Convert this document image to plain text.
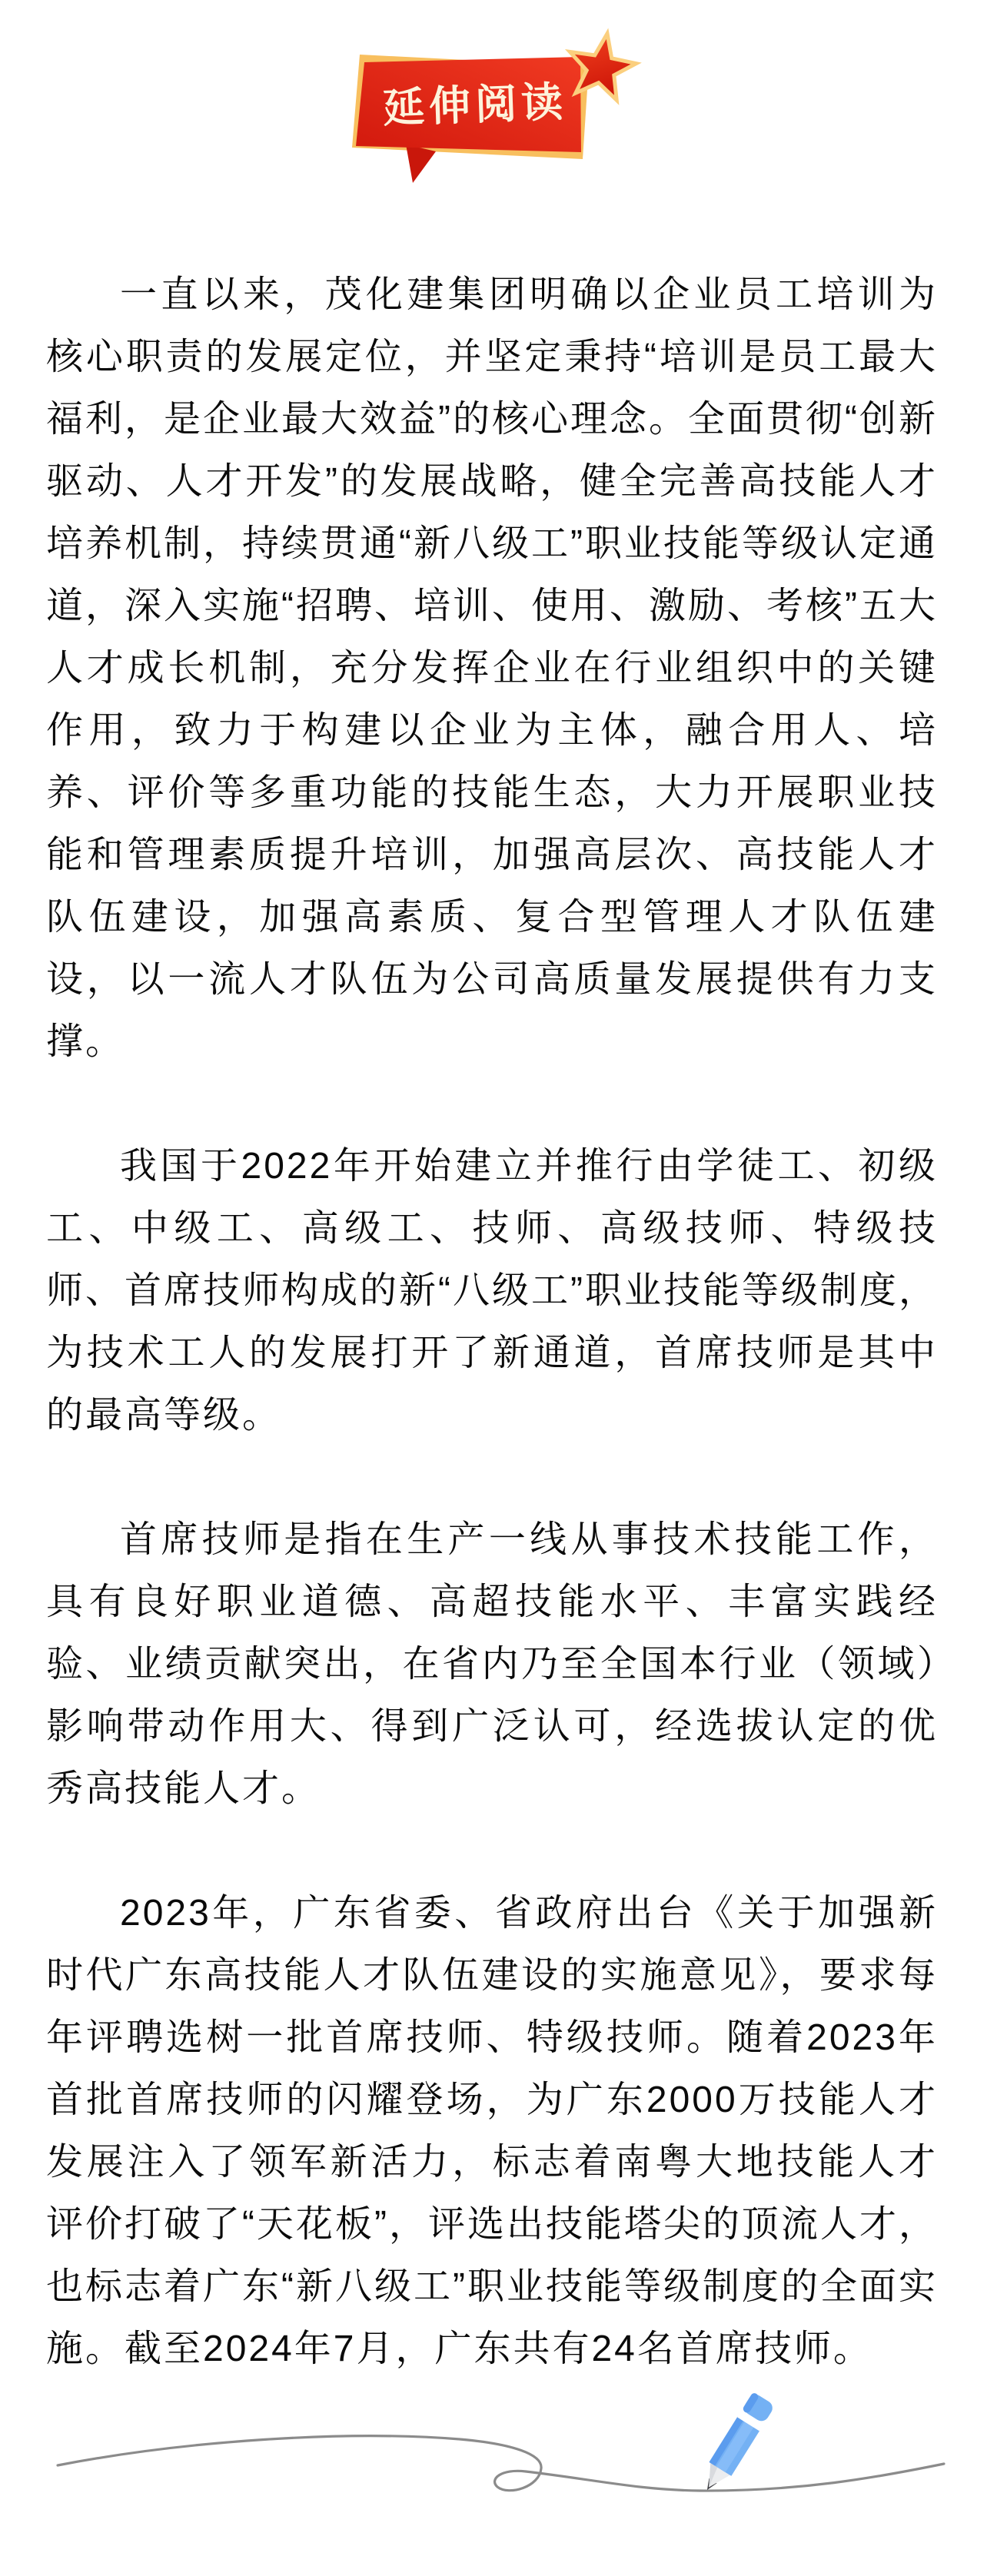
延伸阅读

一直以来，茂化建集团明确以企业员工培训为核心职责的发展定位，并坚定秉持“培训是员工最大福利，是企业最大效益”的核心理念。全面贯彻“创新驱动、人才开发”的发展战略，健全完善高技能人才培养机制，持续贯通“新八级工”职业技能等级认定通道，深入实施“招聘、培训、使用、激励、考核”五大人才成长机制，充分发挥企业在行业组织中的关键作用，致力于构建以企业为主体，融合用人、培养、评价等多重功能的技能生态，大力开展职业技能和管理素质提升培训，加强高层次、高技能人才队伍建设，加强高素质、复合型管理人才队伍建设，以一流人才队伍为公司高质量发展提供有力支撑。

我国于2022年开始建立并推行由学徒工、初级工、中级工、高级工、技师、高级技师、特级技师、首席技师构成的新“八级工”职业技能等级制度，为技术工人的发展打开了新通道，首席技师是其中的最高等级。

首席技师是指在生产一线从事技术技能工作，具有良好职业道德、高超技能水平、丰富实践经验、业绩贡献突出，在省内乃至全国本行业（领域）影响带动作用大、得到广泛认可，经选拔认定的优秀高技能人才。

2023年，广东省委、省政府出台《关于加强新时代广东高技能人才队伍建设的实施意见》，要求每年评聘选树一批首席技师、特级技师。随着2023年首批首席技师的闪耀登场，为广东2000万技能人才发展注入了领军新活力，标志着南粤大地技能人才评价打破了“天花板”，评选出技能塔尖的顶流人才，也标志着广东“新八级工”职业技能等级制度的全面实施。截至2024年7月，广东共有24名首席技师。
